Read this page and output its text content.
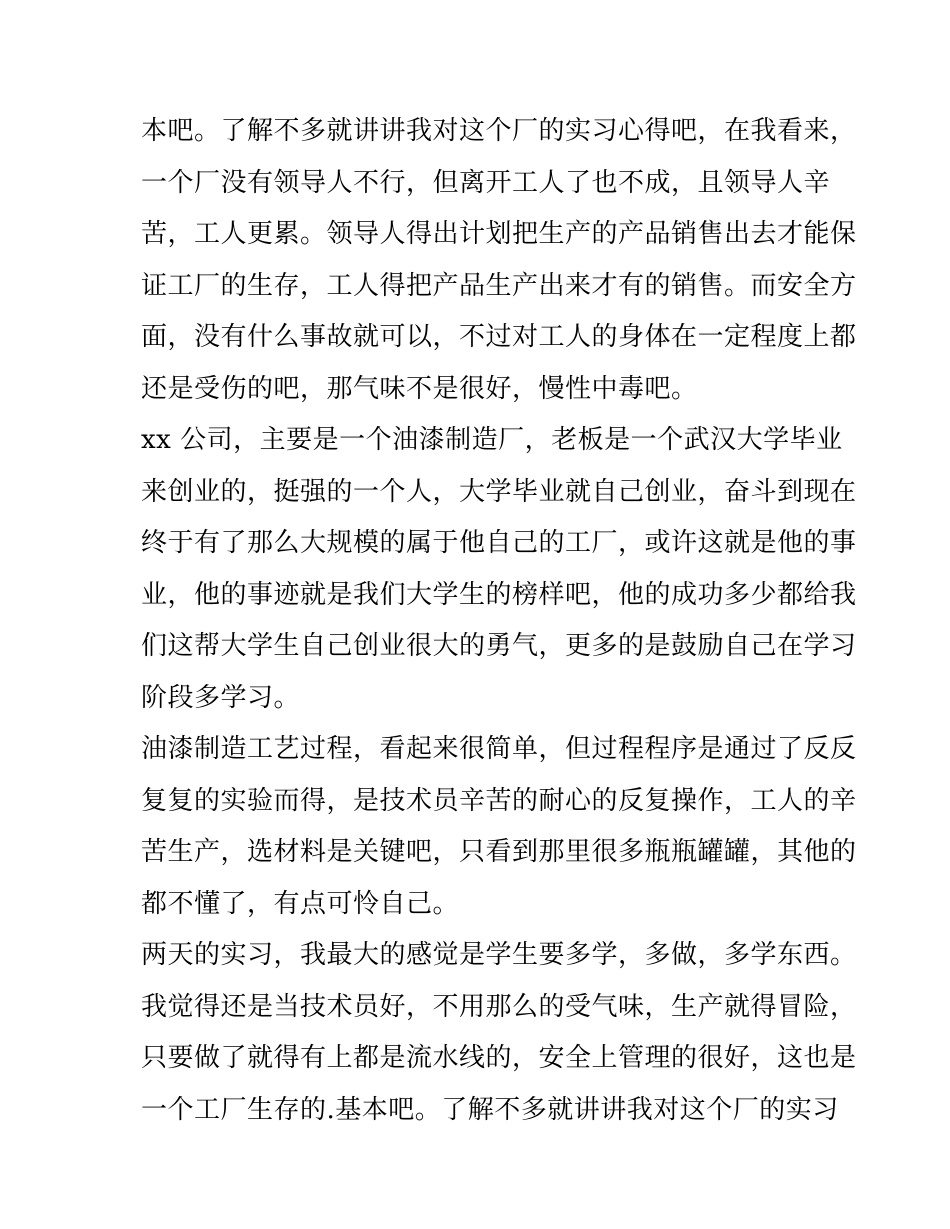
本吧。了解不多就讲讲我对这个厂的实习心得吧，在我看来，
一个厂没有领导人不行，但离开工人了也不成，且领导人辛
苦，工人更累。领导人得出计划把生产的产品销售出去才能保
证工厂的生存，工人得把产品生产出来才有的销售。而安全方
面，没有什么事故就可以，不过对工人的身体在一定程度上都
还是受伤的吧，那气味不是很好，慢性中毒吧。
xx 公司，主要是一个油漆制造厂，老板是一个武汉大学毕业
来创业的，挺强的一个人，大学毕业就自己创业，奋斗到现在
终于有了那么大规模的属于他自己的工厂，或许这就是他的事
业，他的事迹就是我们大学生的榜样吧，他的成功多少都给我
们这帮大学生自己创业很大的勇气，更多的是鼓励自己在学习
阶段多学习。
油漆制造工艺过程，看起来很简单，但过程程序是通过了反反
复复的实验而得，是技术员辛苦的耐心的反复操作，工人的辛
苦生产，选材料是关键吧，只看到那里很多瓶瓶罐罐，其他的
都不懂了，有点可怜自己。
两天的实习，我最大的感觉是学生要多学，多做，多学东西。
我觉得还是当技术员好，不用那么的受气味，生产就得冒险，
只要做了就得有上都是流水线的，安全上管理的很好，这也是
一个工厂生存的.基本吧。了解不多就讲讲我对这个厂的实习
